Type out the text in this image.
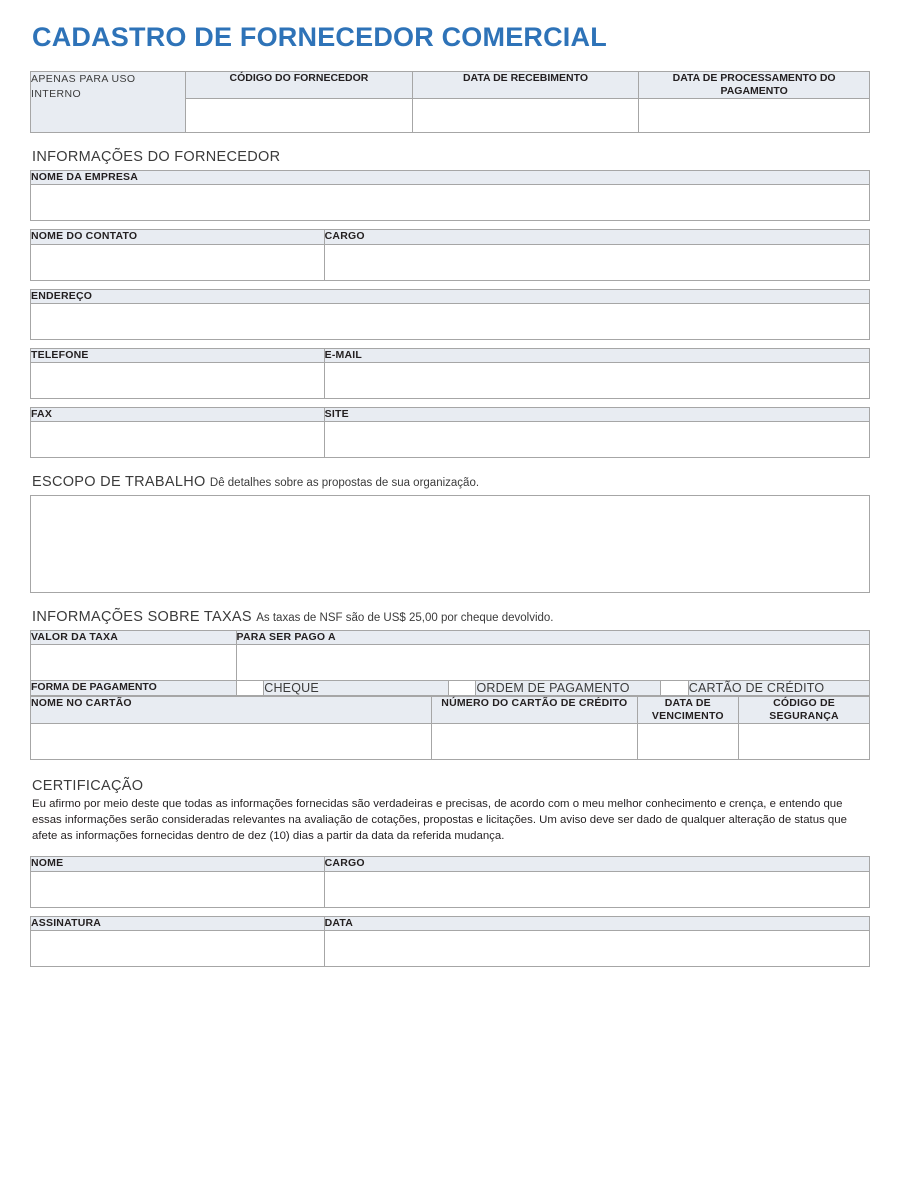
CADASTRO DE FORNECEDOR COMERCIAL
APENAS PARA USO INTERNO	CÓDIGO DO FORNECEDOR	DATA DE RECEBIMENTO	DATA DE PROCESSAMENTO DO PAGAMENTO

INFORMAÇÕES DO FORNECEDOR
NOME DA EMPRESA	

NOME DO CONTATO	CARGO

ENDEREÇO	

TELEFONE	E-MAIL

FAX	SITE

ESCOPO DE TRABALHO Dê detalhes sobre as propostas de sua organização.
INFORMAÇÕES SOBRE TAXAS As taxas de NSF são de US$ 25,00 por cheque devolvido.
VALOR DA TAXA	PARA SER PAGO A					

FORMA DE PAGAMENTO		CHEQUE		ORDEM DE PAGAMENTO		CARTÃO DE CRÉDITO
NOME NO CARTÃO	NÚMERO DO CARTÃO DE CRÉDITO	DATA DE VENCIMENTO	CÓDIGO DE SEGURANÇA

CERTIFICAÇÃO

Eu afirmo por meio deste que todas as informações fornecidas são verdadeiras e precisas, de acordo com o meu melhor conhecimento e crença, e entendo que essas informações serão consideradas relevantes na avaliação de cotações, propostas e licitações. Um aviso deve ser dado de qualquer alteração de status que afete as informações fornecidas dentro de dez (10) dias a partir da data da referida mudança.

NOME	CARGO

ASSINATURA	DATA
